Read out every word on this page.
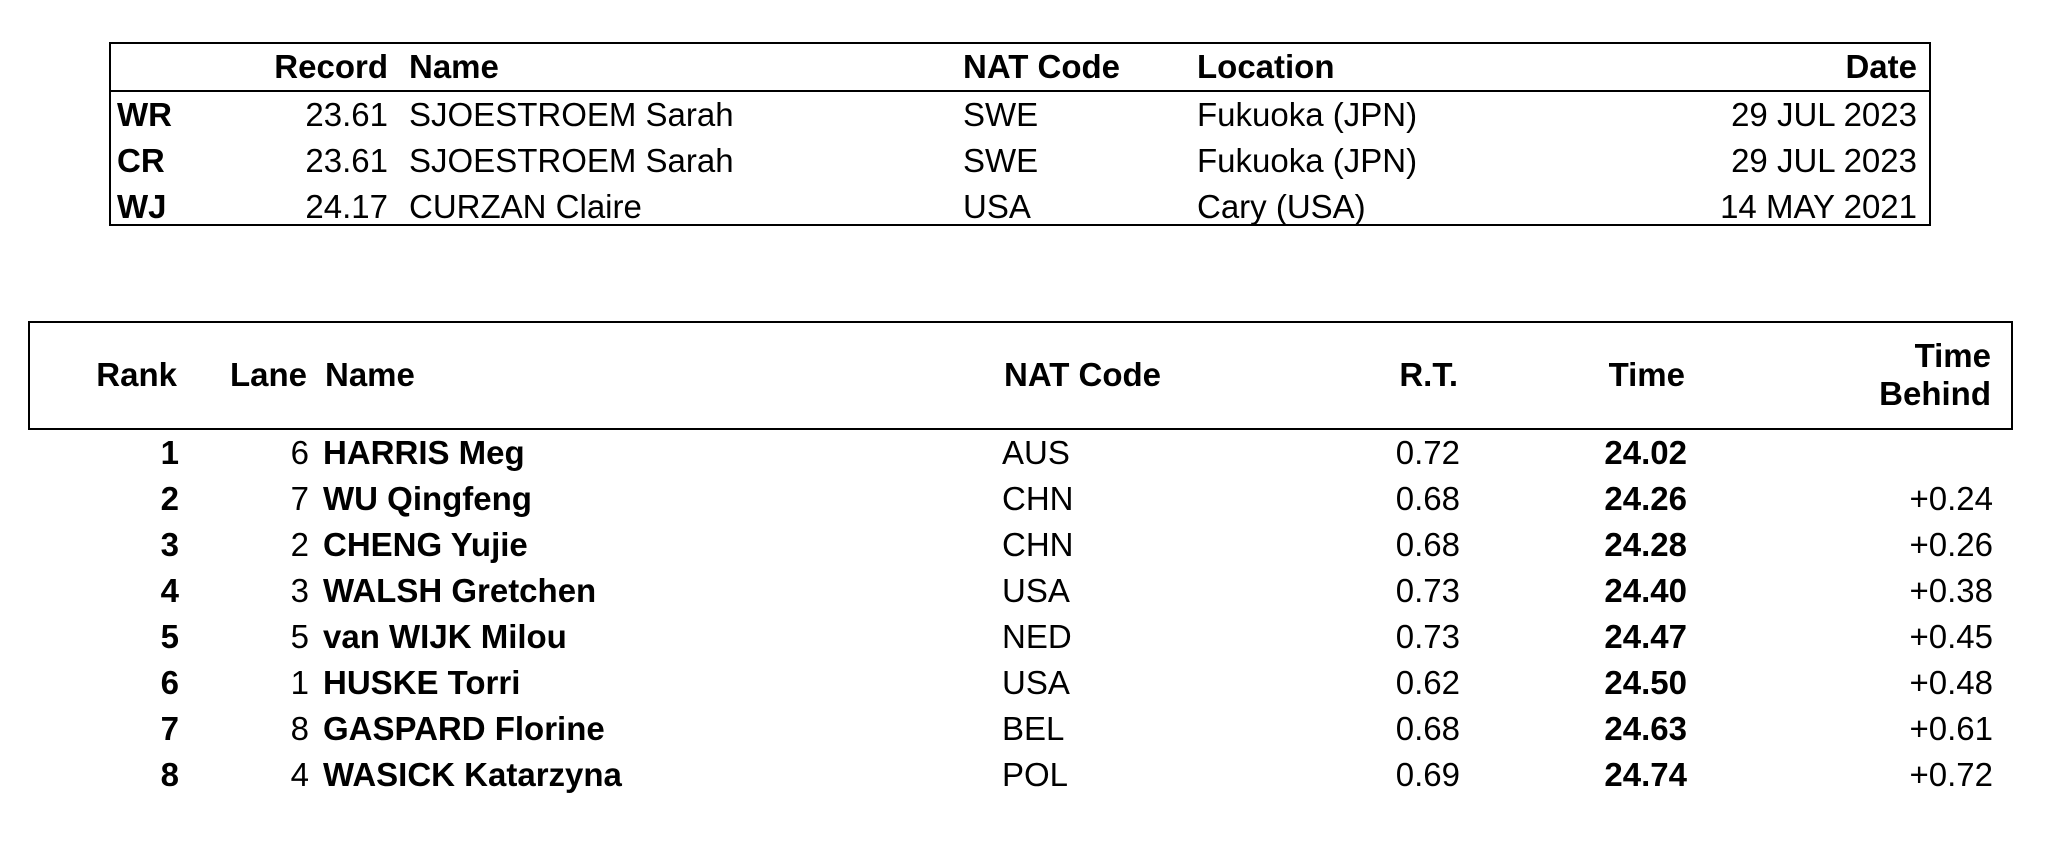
Record Name	NAT Code Location	Date
WR	23.61 SJOESTROEM Sarah	SWE	Fukuoka (JPN)	29 JUL 2023
CR	23.61 SJOESTROEM Sarah	SWE	Fukuoka (JPN)	29 JUL 2023
WJ	24.17 CURZAN Claire	USA	Cary (USA)	14 MAY 2021
Rank Lane Name	NAT Code	R.T.	Time
Time
Behind
1	6 HARRIS Meg	AUS	0.72	24.02
2	7 WU Qingfeng	CHN	0.68	24.26	+0.24
3	2 CHENG Yujie	CHN	0.68	24.28	+0.26
4	3 WALSH Gretchen	USA	0.73	24.40	+0.38
5	5 van WIJK Milou	NED	0.73	24.47	+0.45
6	1 HUSKE Torri	USA	0.62	24.50	+0.48
7	8 GASPARD Florine	BEL	0.68	24.63	+0.61
8	4 WASICK Katarzyna	POL	0.69	24.74	+0.72
